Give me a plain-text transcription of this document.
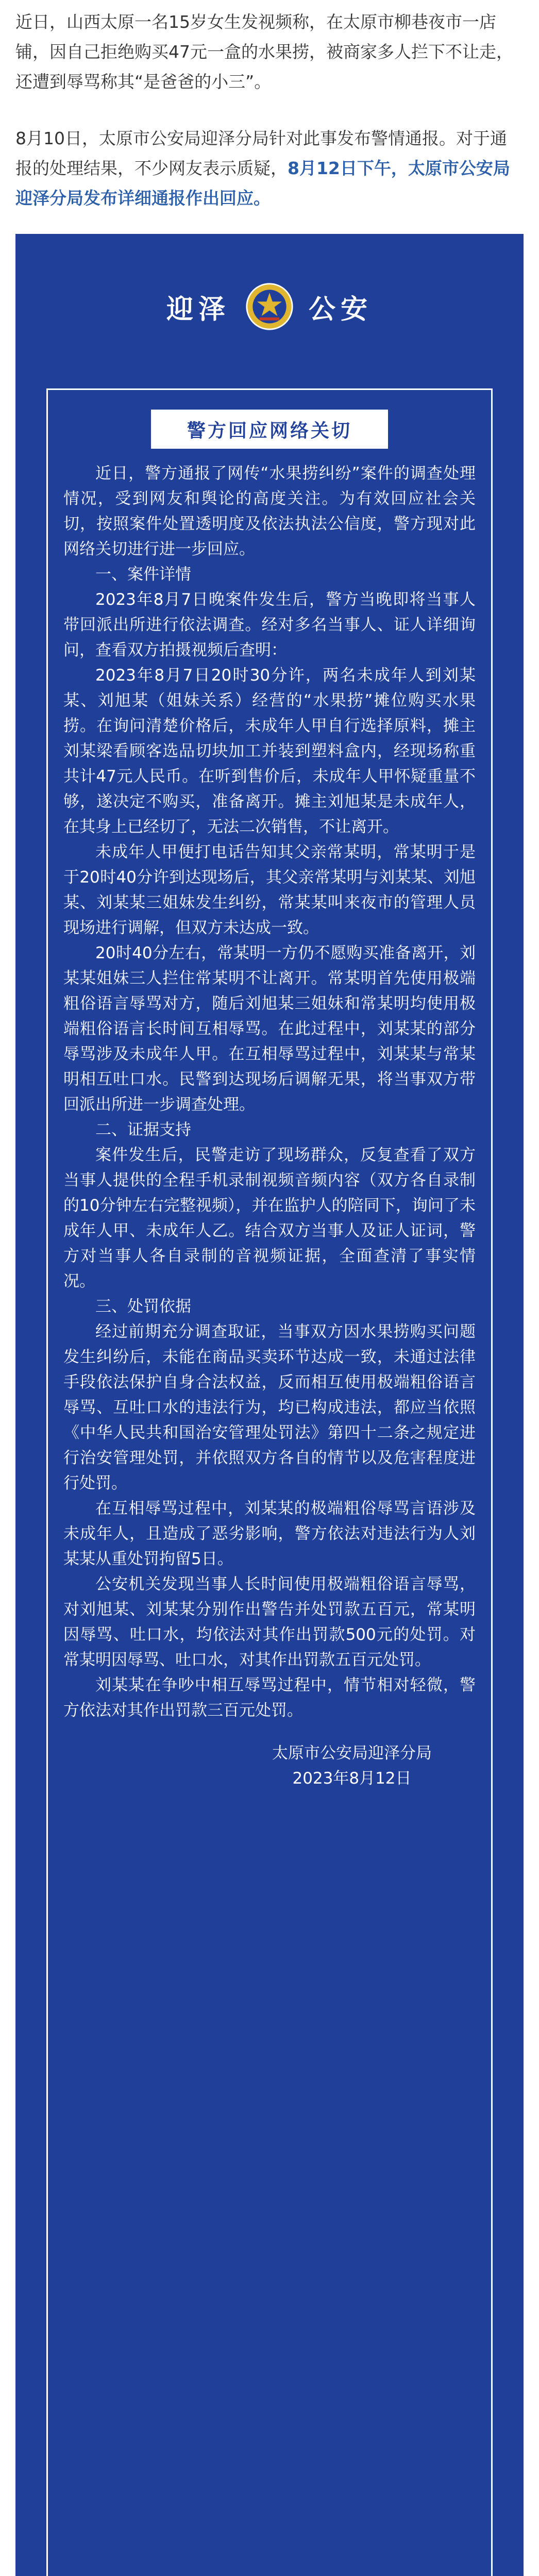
近日，山西太原一名15岁女生发视频称，在太原市柳巷夜市一店铺，因自己拒绝购买47元一盒的水果捞，被商家多人拦下不让走，还遭到辱骂称其“是爸爸的小三”。

8月10日，太原市公安局迎泽分局针对此事发布警情通报。对于通报的处理结果，不少网友表示质疑，8月12日下午，太原市公安局迎泽分局发布详细通报作出回应。

迎泽	公安
警方回应网络关切

近日，警方通报了网传“水果捞纠纷”案件的调查处理情况，受到网友和舆论的高度关注。为有效回应社会关切，按照案件处置透明度及依法执法公信度，警方现对此网络关切进行进一步回应。

一、案件详情

2023年8月7日晚案件发生后，警方当晚即将当事人带回派出所进行依法调查。经对多名当事人、证人详细询问，查看双方拍摄视频后查明：

2023年8月7日20时30分许，两名未成年人到刘某某、刘旭某（姐妹关系）经营的“水果捞”摊位购买水果捞。在询问清楚价格后，未成年人甲自行选择原料，摊主刘某梁看顾客选品切块加工并装到塑料盒内，经现场称重共计47元人民币。在听到售价后，未成年人甲怀疑重量不够，遂决定不购买，准备离开。摊主刘旭某是未成年人，在其身上已经切了，无法二次销售，不让离开。

未成年人甲便打电话告知其父亲常某明，常某明于是于20时40分许到达现场后，其父亲常某明与刘某某、刘旭某、刘某某三姐妹发生纠纷，常某某叫来夜市的管理人员现场进行调解，但双方未达成一致。

20时40分左右，常某明一方仍不愿购买准备离开，刘某某姐妹三人拦住常某明不让离开。常某明首先使用极端粗俗语言辱骂对方，随后刘旭某三姐妹和常某明均使用极端粗俗语言长时间互相辱骂。在此过程中，刘某某的部分辱骂涉及未成年人甲。在互相辱骂过程中，刘某某与常某明相互吐口水。民警到达现场后调解无果，将当事双方带回派出所进一步调查处理。

二、证据支持

案件发生后，民警走访了现场群众，反复查看了双方当事人提供的全程手机录制视频音频内容（双方各自录制的10分钟左右完整视频），并在监护人的陪同下，询问了未成年人甲、未成年人乙。结合双方当事人及证人证词，警方对当事人各自录制的音视频证据，全面查清了事实情况。

三、处罚依据

经过前期充分调查取证，当事双方因水果捞购买问题发生纠纷后，未能在商品买卖环节达成一致，未通过法律手段依法保护自身合法权益，反而相互使用极端粗俗语言辱骂、互吐口水的违法行为，均已构成违法，都应当依照《中华人民共和国治安管理处罚法》第四十二条之规定进行治安管理处罚，并依照双方各自的情节以及危害程度进行处罚。

在互相辱骂过程中，刘某某的极端粗俗辱骂言语涉及未成年人，且造成了恶劣影响，警方依法对违法行为人刘某某从重处罚拘留5日。

公安机关发现当事人长时间使用极端粗俗语言辱骂，对刘旭某、刘某某分别作出警告并处罚款五百元，常某明因辱骂、吐口水，均依法对其作出罚款500元的处罚。对常某明因辱骂、吐口水，对其作出罚款五百元处罚。

刘某某在争吵中相互辱骂过程中，情节相对轻微，警方依法对其作出罚款三百元处罚。

太原市公安局迎泽分局
2023年8月12日
